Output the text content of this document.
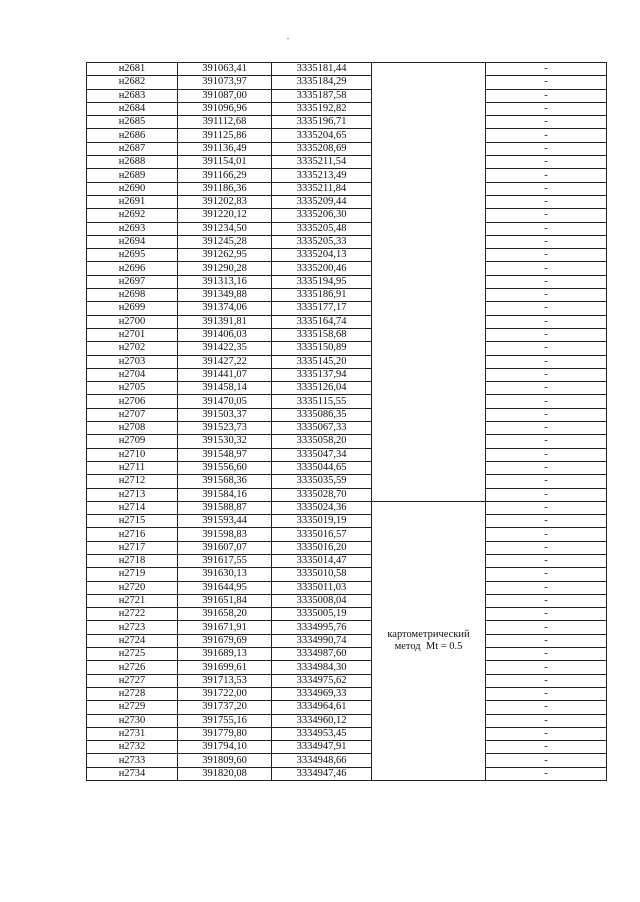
н2681	391063,41	3335181,44		-
н2682	391073,97	3335184,29		-
н2683	391087,00	3335187,58		-
н2684	391096,96	3335192,82		-
н2685	391112,68	3335196,71		-
н2686	391125,86	3335204,65		-
н2687	391136,49	3335208,69		-
н2688	391154,01	3335211,54		-
н2689	391166,29	3335213,49		-
н2690	391186,36	3335211,84		-
н2691	391202,83	3335209,44		-
н2692	391220,12	3335206,30		-
н2693	391234,50	3335205,48		-
н2694	391245,28	3335205,33		-
н2695	391262,95	3335204,13		-
н2696	391290,28	3335200,46		-
н2697	391313,16	3335194,95		-
н2698	391349,88	3335186,91		-
н2699	391374,06	3335177,17		-
н2700	391391,81	3335164,74		-
н2701	391406,03	3335158,68		-
н2702	391422,35	3335150,89		-
н2703	391427,22	3335145,20		-
н2704	391441,07	3335137,94		-
н2705	391458,14	3335126,04		-
н2706	391470,05	3335115,55		-
н2707	391503,37	3335086,35		-
н2708	391523,73	3335067,33		-
н2709	391530,32	3335058,20		-
н2710	391548,97	3335047,34		-
н2711	391556,60	3335044,65		-
н2712	391568,36	3335035,59		-
н2713	391584,16	3335028,70		-
н2714	391588,87	3335024,36	картометрический
метод  Mt = 0.5	-
н2715	391593,44	3335019,19		-
н2716	391598,83	3335016,57		-
н2717	391607,07	3335016,20		-
н2718	391617,55	3335014,47		-
н2719	391630,13	3335010,58		-
н2720	391644,95	3335011,03		-
н2721	391651,84	3335008,04		-
н2722	391658,20	3335005,19		-
н2723	391671,91	3334995,76		-
н2724	391679,69	3334990,74		-
н2725	391689,13	3334987,60		-
н2726	391699,61	3334984,30		-
н2727	391713,53	3334975,62		-
н2728	391722,00	3334969,33		-
н2729	391737,20	3334964,61		-
н2730	391755,16	3334960,12		-
н2731	391779,80	3334953,45		-
н2732	391794,10	3334947,91		-
н2733	391809,60	3334948,66		-
н2734	391820,08	3334947,46		-
